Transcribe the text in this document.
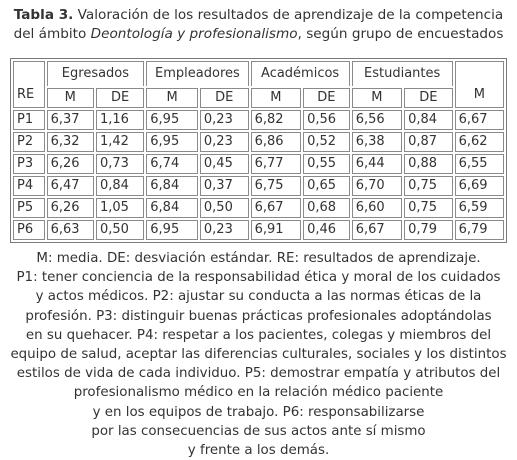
Tabla 3. Valoración de los resultados de aprendizaje de la competencia
del ámbito Deontología y profesionalismo, según grupo de encuestados
RE	Egresados		Empleadores		Académicos		Estudiantes		M
	M	DE	M	DE	M	DE	M	DE	
P1	6,37	1,16	6,95	0,23	6,82	0,56	6,56	0,84	6,67
P2	6,32	1,42	6,95	0,23	6,86	0,52	6,38	0,87	6,62
P3	6,26	0,73	6,74	0,45	6,77	0,55	6,44	0,88	6,55
P4	6,47	0,84	6,84	0,37	6,75	0,65	6,70	0,75	6,69
P5	6,26	1,05	6,84	0,50	6,67	0,68	6,60	0,75	6,59
P6	6,63	0,50	6,95	0,23	6,91	0,46	6,67	0,79	6,79
M: media. DE: desviación estándar. RE: resultados de aprendizaje.
P1: tener conciencia de la responsabilidad ética y moral de los cuidados
y actos médicos. P2: ajustar su conducta a las normas éticas de la
profesión. P3: distinguir buenas prácticas profesionales adoptándolas
en su quehacer. P4: respetar a los pacientes, colegas y miembros del
equipo de salud, aceptar las diferencias culturales, sociales y los distintos
estilos de vida de cada individuo. P5: demostrar empatía y atributos del
profesionalismo médico en la relación médico paciente
y en los equipos de trabajo. P6: responsabilizarse
por las consecuencias de sus actos ante sí mismo
y frente a los demás.
